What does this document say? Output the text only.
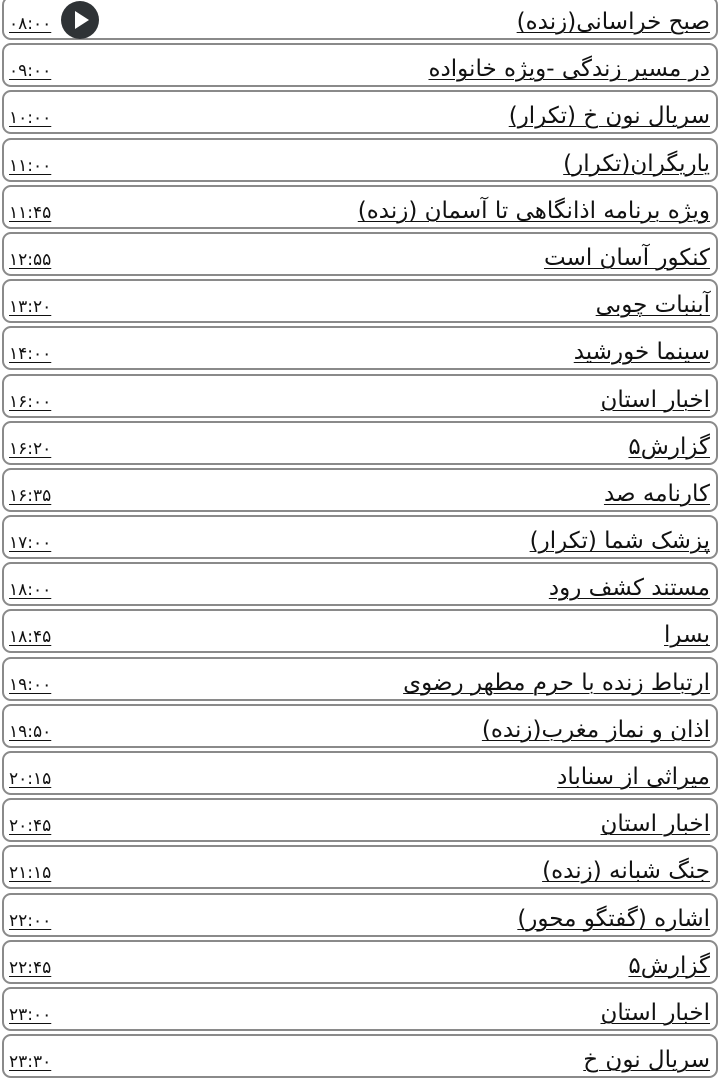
صبح خراسانی(زنده)
۰۸:۰۰
در مسیر زندگی -ویژه خانواده
۰۹:۰۰
سریال نون خ (تکرار)
۱۰:۰۰
یاریگران(تکرار)
۱۱:۰۰
ویژه برنامه اذانگاهی تا آسمان (زنده)
۱۱:۴۵
کنکور آسان است
۱۲:۵۵
آبنبات چوبی
۱۳:۲۰
سینما خورشید
۱۴:۰۰
اخبار استان
۱۶:۰۰
گزارش۵
۱۶:۲۰
کارنامه صد
۱۶:۳۵
پزشک شما (تکرار)
۱۷:۰۰
مستند کشف رود
۱۸:۰۰
بسرا
۱۸:۴۵
ارتباط زنده با حرم مطهر رضوی
۱۹:۰۰
اذان و نماز مغرب(زنده)
۱۹:۵۰
میراثی از سناباد
۲۰:۱۵
اخبار استان
۲۰:۴۵
جنگ شبانه (زنده)
۲۱:۱۵
اشاره (گفتگو محور)
۲۲:۰۰
گزارش۵
۲۲:۴۵
اخبار استان
۲۳:۰۰
سریال نون خ
۲۳:۳۰
